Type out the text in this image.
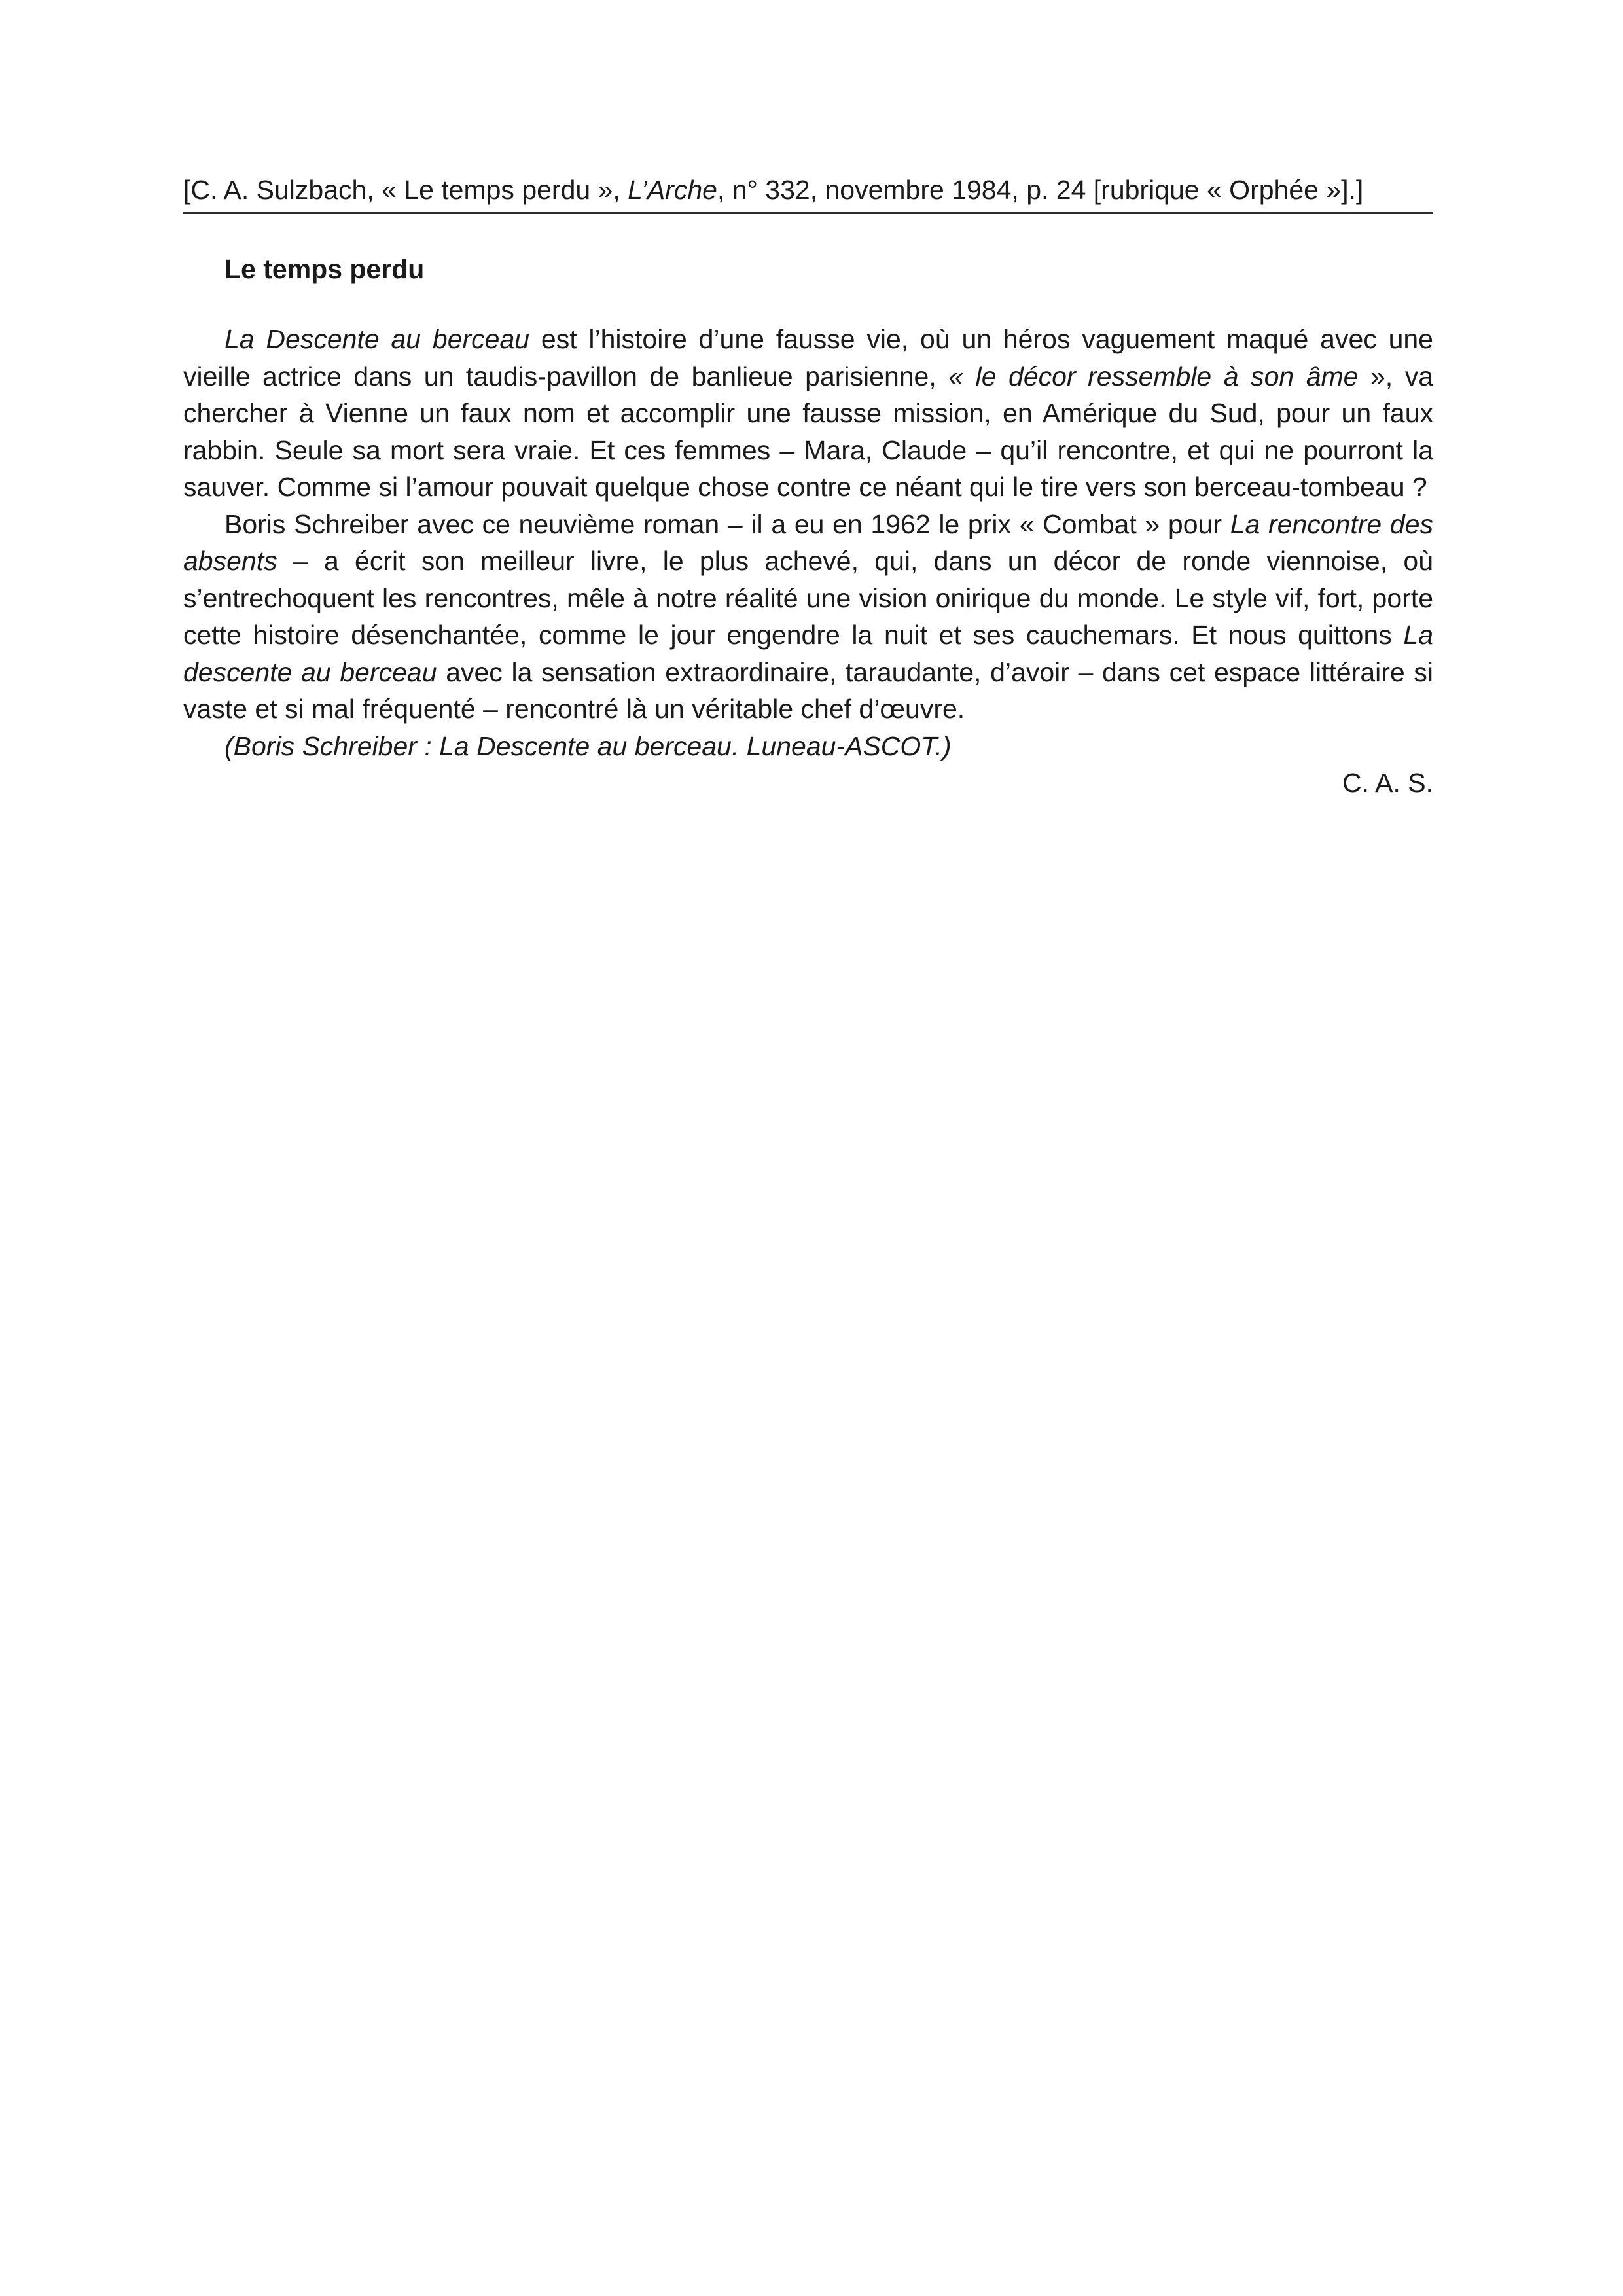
[C. A. Sulzbach, « Le temps perdu », L’Arche, n° 332, novembre 1984, p. 24 [rubrique « Orphée »].]
Le temps perdu

La Descente au berceau est l’histoire d’une fausse vie, où un héros vaguement maqué avec une vieille actrice dans un taudis-pavillon de banlieue parisienne, « le décor ressemble à son âme », va chercher à Vienne un faux nom et accomplir une fausse mission, en Amérique du Sud, pour un faux rabbin. Seule sa mort sera vraie. Et ces femmes – Mara, Claude – qu’il rencontre, et qui ne pourront la sauver. Comme si l’amour pouvait quelque chose contre ce néant qui le tire vers son berceau-tombeau ?

Boris Schreiber avec ce neuvième roman – il a eu en 1962 le prix « Combat » pour La rencontre des absents – a écrit son meilleur livre, le plus achevé, qui, dans un décor de ronde viennoise, où s’entrechoquent les rencontres, mêle à notre réalité une vision onirique du monde. Le style vif, fort, porte cette histoire désenchantée, comme le jour engendre la nuit et ses cauchemars. Et nous quittons La descente au berceau avec la sensation extraordinaire, taraudante, d’avoir – dans cet espace littéraire si vaste et si mal fréquenté – rencontré là un véritable chef d’œuvre.

(Boris Schreiber : La Descente au berceau. Luneau-ASCOT.)

C. A. S.
